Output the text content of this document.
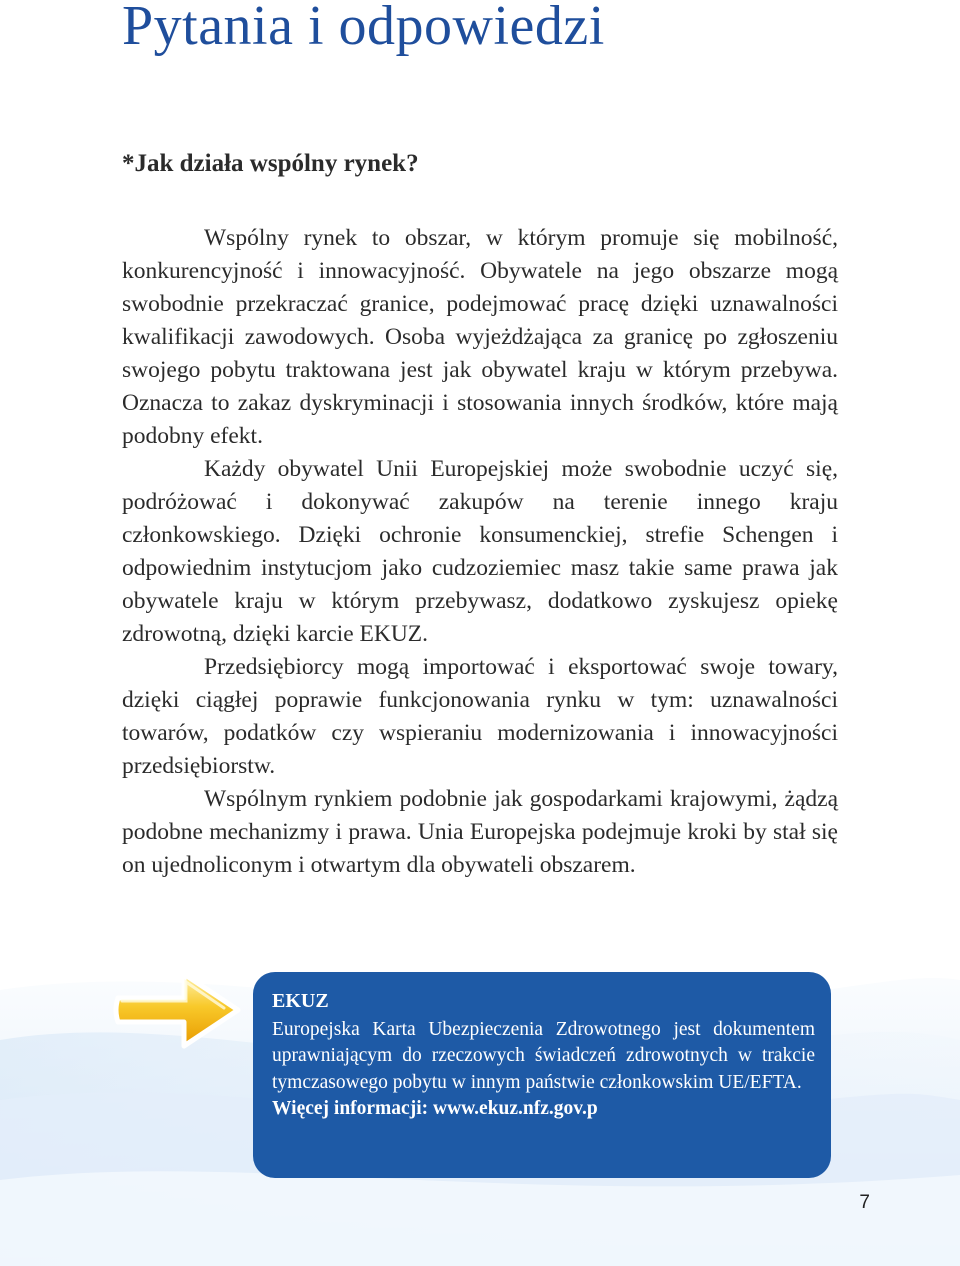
Pytania i odpowiedzi
*Jak działa wspólny rynek?

Wspólny rynek to obszar, w którym promuje się mobilność, konkurencyjność i innowacyjność. Obywatele na jego obszarze mogą swobodnie przekraczać granice, podejmować pracę dzięki uznawalności kwalifikacji zawodowych. Osoba wyjeżdżająca za granicę po zgłoszeniu swojego pobytu traktowana jest jak obywatel kraju w którym przebywa. Oznacza to zakaz dyskryminacji i stosowania innych środków, które mają podobny efekt.

Każdy obywatel Unii Europejskiej może swobodnie uczyć się, podróżować i dokonywać zakupów na terenie innego kraju członkowskiego. Dzięki ochronie konsumenckiej, strefie Schengen i odpowiednim instytucjom jako cudzoziemiec masz takie same prawa jak obywatele kraju w którym przebywasz, dodatkowo zyskujesz opiekę zdrowotną, dzięki karcie EKUZ.

Przedsiębiorcy mogą importować i eksportować swoje towary, dzięki ciągłej poprawie funkcjonowania rynku w tym: uznawalności towarów, podatków czy wspieraniu modernizowania i innowacyjności przedsiębiorstw.

Wspólnym rynkiem podobnie jak gospodarkami krajowymi, żądzą podobne mechanizmy i prawa. Unia Europejska podejmuje kroki by stał się on ujednoliconym i otwartym dla obywateli obszarem.

EKUZ

Europejska Karta Ubezpieczenia Zdrowotnego jest dokumentem uprawniającym do rzeczowych świadczeń zdrowotnych w trakcie tymczasowego pobytu w innym państwie członkowskim UE/EFTA.

Więcej informacji: www.ekuz.nfz.gov.p

7
